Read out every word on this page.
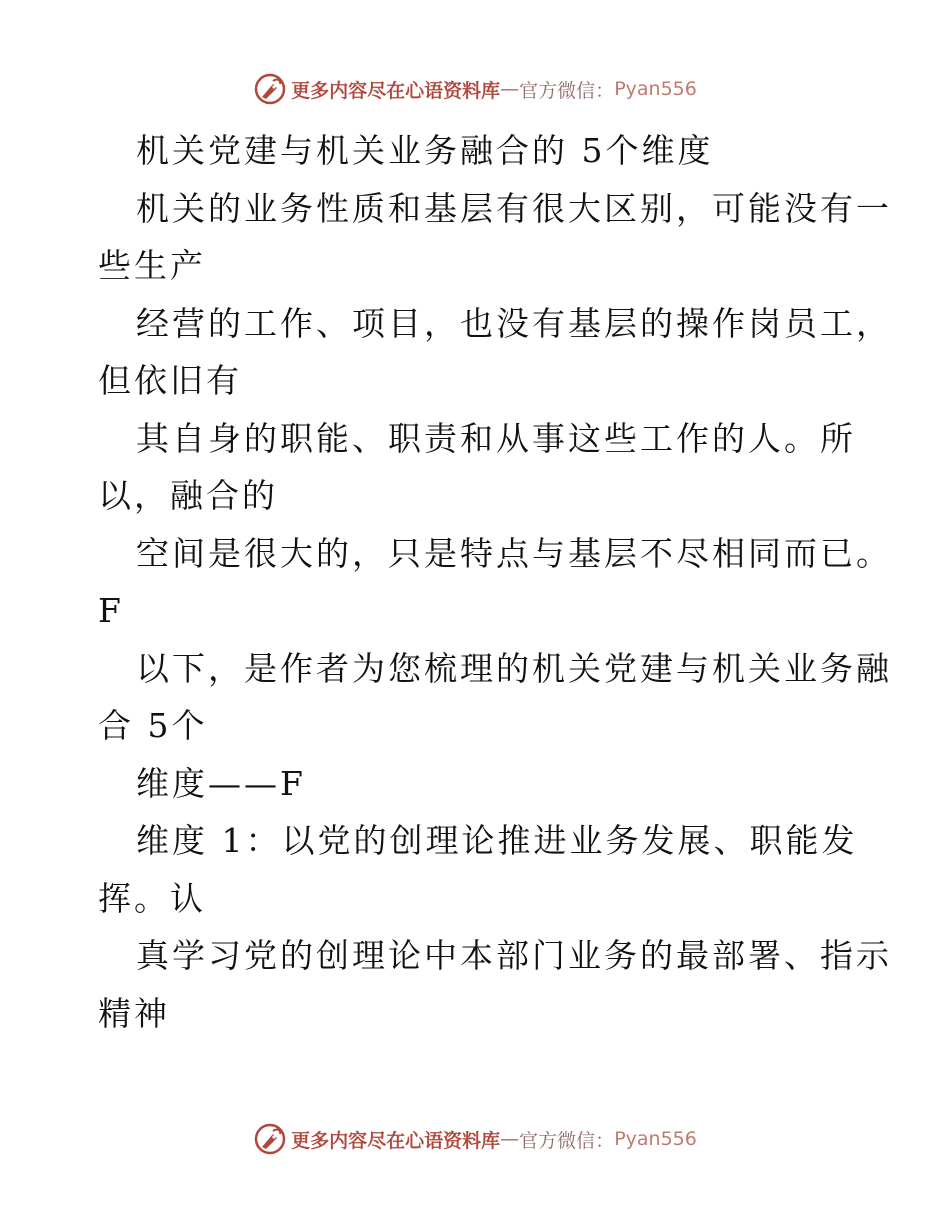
更多内容尽在心语资料库 — 官方微信： Pyan556
机关党建与机关业务融合的 5个维度
机关的业务性质和基层有很大区别，可能没有一
些生产
经营的工作、项目，也没有基层的操作岗员工，
但依旧有
其自身的职能、职责和从事这些工作的人。所
以，融合的
空间是很大的，只是特点与基层不尽相同而已。
F
以下，是作者为您梳理的机关党建与机关业务融
合 5个
维度——F
维度 1：以党的创理论推进业务发展、职能发
挥。认
真学习党的创理论中本部门业务的最部署、指示
精神
更多内容尽在心语资料库 — 官方微信： Pyan556
